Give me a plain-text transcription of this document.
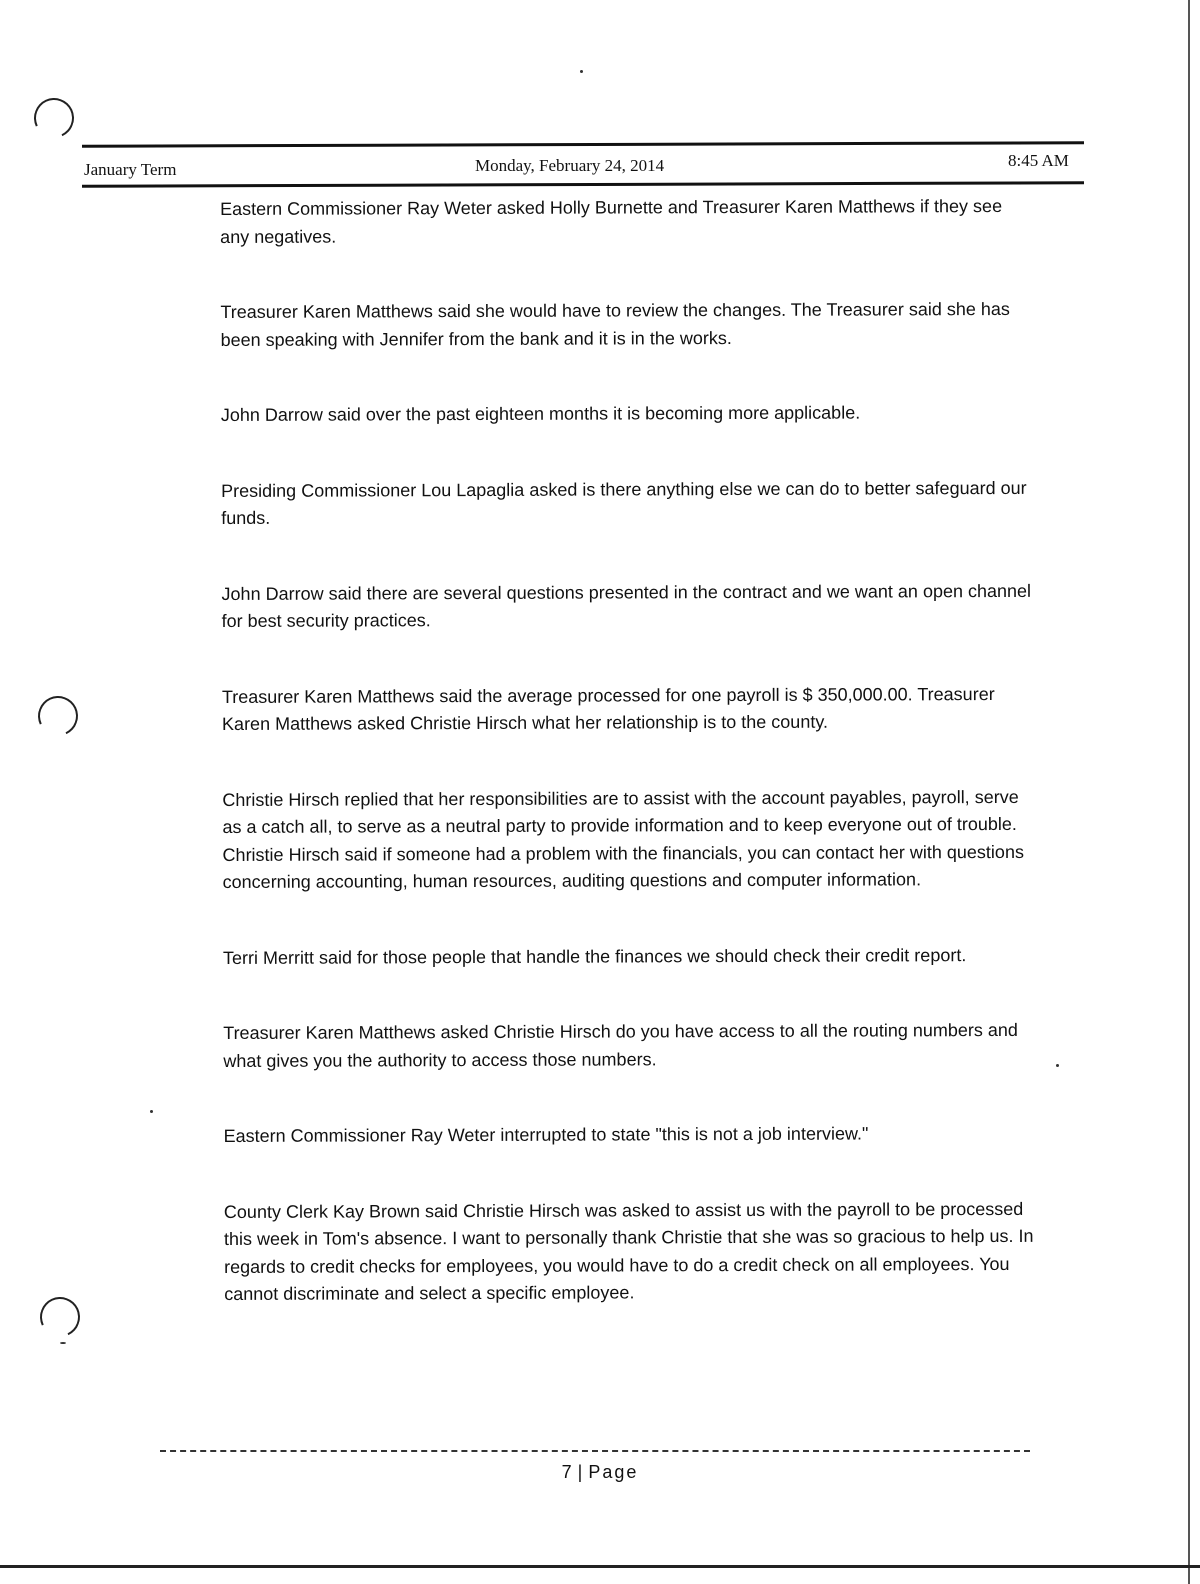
January Term	Monday, February 24, 2014	8:45 AM

Eastern Commissioner Ray Weter asked Holly Burnette and Treasurer Karen Matthews if they see any negatives.

Treasurer Karen Matthews said she would have to review the changes. The Treasurer said she has been speaking with Jennifer from the bank and it is in the works.

John Darrow said over the past eighteen months it is becoming more applicable.

Presiding Commissioner Lou Lapaglia asked is there anything else we can do to better safeguard our funds.

John Darrow said there are several questions presented in the contract and we want an open channel for best security practices.

Treasurer Karen Matthews said the average processed for one payroll is $ 350,000.00. Treasurer Karen Matthews asked Christie Hirsch what her relationship is to the county.

Christie Hirsch replied that her responsibilities are to assist with the account payables, payroll, serve as a catch all, to serve as a neutral party to provide information and to keep everyone out of trouble. Christie Hirsch said if someone had a problem with the financials, you can contact her with questions concerning accounting, human resources, auditing questions and computer information.

Terri Merritt said for those people that handle the finances we should check their credit report.

Treasurer Karen Matthews asked Christie Hirsch do you have access to all the routing numbers and what gives you the authority to access those numbers.

Eastern Commissioner Ray Weter interrupted to state "this is not a job interview."

County Clerk Kay Brown said Christie Hirsch was asked to assist us with the payroll to be processed this week in Tom's absence. I want to personally thank Christie that she was so gracious to help us. In regards to credit checks for employees, you would have to do a credit check on all employees. You cannot discriminate and select a specific employee.

7 | Page
